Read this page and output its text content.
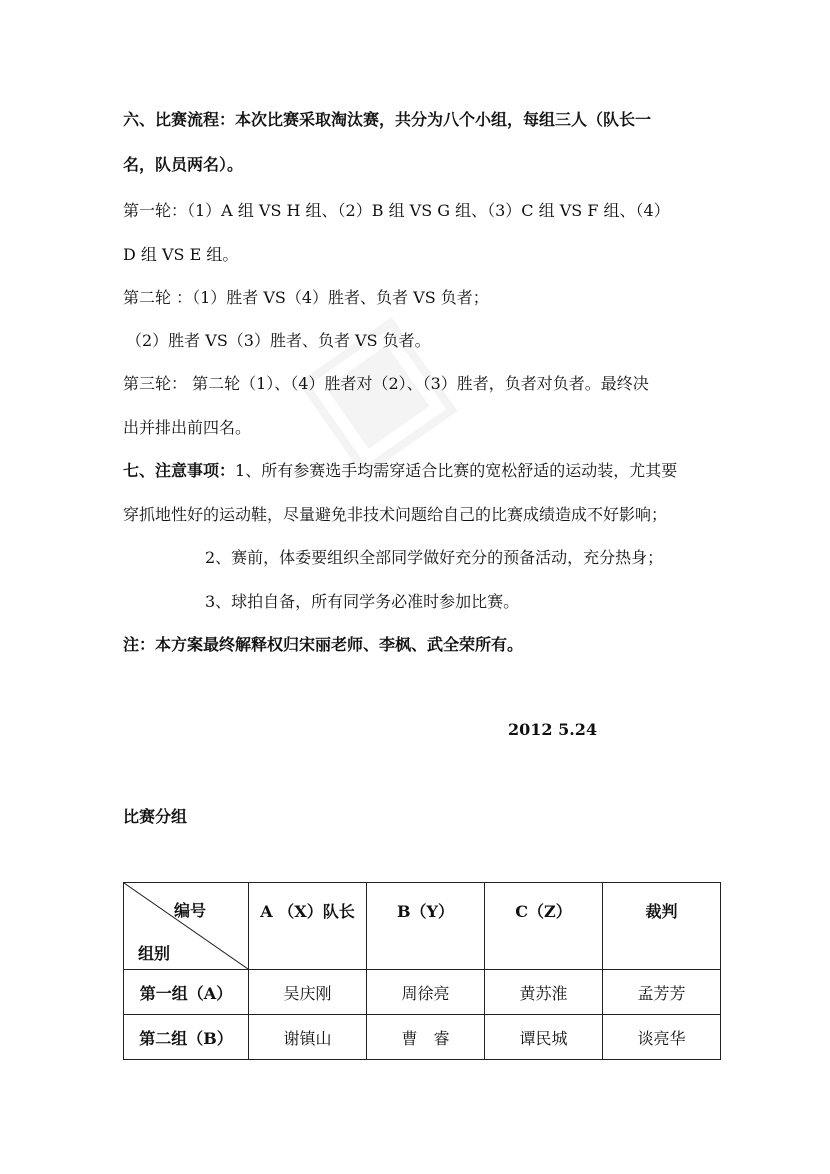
六、比赛流程：本次比赛采取淘汰赛，共分为八个小组，每组三人（队长一
名，队员两名）。
第一轮：（1）A 组 VS H 组、（2）B 组 VS G 组、（3）C 组 VS F 组、（4）
D 组 VS E 组。
第二轮 ：（1）胜者 VS（4）胜者、负者 VS 负者；
（2）胜者 VS（3）胜者、负者 VS 负者。
第三轮： 第二轮（1）、（4）胜者对（2）、（3）胜者，负者对负者。最终决
出并排出前四名。
七、注意事项：1、所有参赛选手均需穿适合比赛的宽松舒适的运动装，尤其要
穿抓地性好的运动鞋，尽量避免非技术问题给自己的比赛成绩造成不好影响；
2、赛前，体委要组织全部同学做好充分的预备活动，充分热身；
3、球拍自备，所有同学务必准时参加比赛。
注：本方案最终解释权归宋丽老师、李枫、武全荣所有。
2012 5.24
比赛分组
编号
组别	A （X）队长	B（Y）	C（Z）	裁判

第一组（A）	吴庆刚	周徐亮	黄苏淮	孟芳芳
第二组（B）	谢镇山	曹　睿	谭民城	谈亮华
